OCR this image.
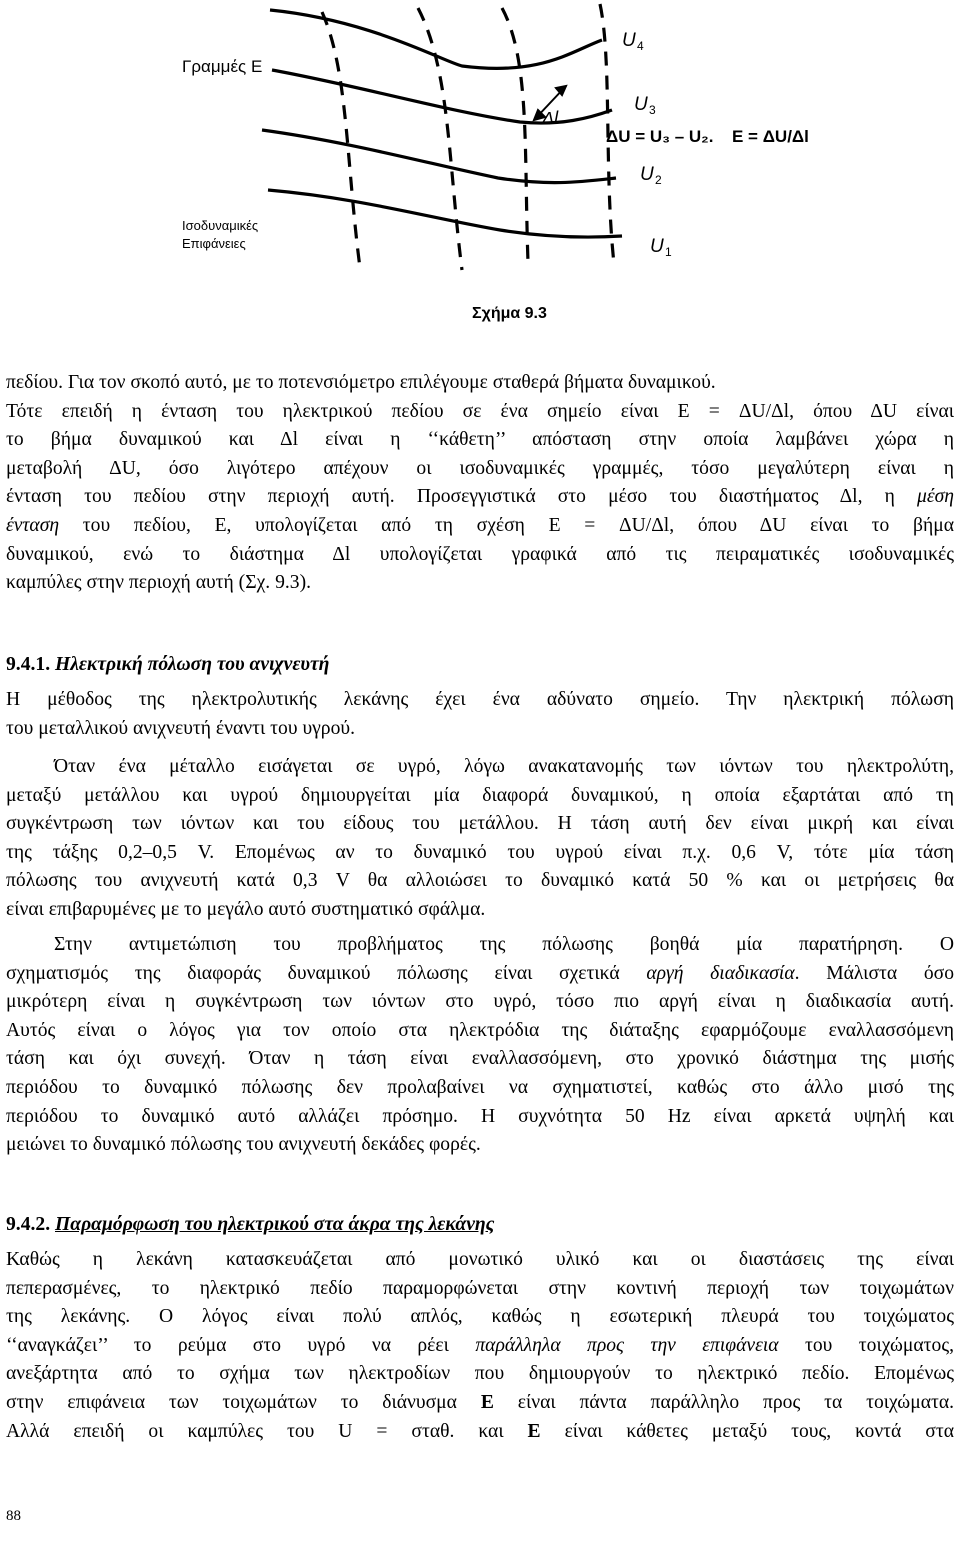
Γραμμές E
Ισοδυναμικές
Επιφάνειες
U 4
U 3
Δl
ΔU = U₃ – U₂. E = ΔU/Δl
U 2
U 1
Σχήμα 9.3
πεδίου. Για τον σκοπό αυτό, με το ποτενσιόμετρο επιλέγουμε σταθερά βήματα δυναμικού.
Τότε επειδή η ένταση του ηλεκτρικού πεδίου σε ένα σημείο είναι E = ΔU/Δl, όπου ΔU είναι
το βήμα δυναμικού και Δl είναι η ‘‘κάθετη’’ απόσταση στην οποία λαμβάνει χώρα η
μεταβολή ΔU, όσο λιγότερο απέχουν οι ισοδυναμικές γραμμές, τόσο μεγαλύτερη είναι η
ένταση του πεδίου στην περιοχή αυτή. Προσεγγιστικά στο μέσο του διαστήματος Δl, η μέση
ένταση του πεδίου, E, υπολογίζεται από τη σχέση E = ΔU/Δl, όπου ΔU είναι το βήμα
δυναμικού, ενώ το διάστημα Δl υπολογίζεται γραφικά από τις πειραματικές ισοδυναμικές
καμπύλες στην περιοχή αυτή (Σχ. 9.3).
9.4.1. Ηλεκτρική πόλωση του ανιχνευτή
Η μέθοδος της ηλεκτρολυτικής λεκάνης έχει ένα αδύνατο σημείο. Την ηλεκτρική πόλωση
του μεταλλικού ανιχνευτή έναντι του υγρού.
Όταν ένα μέταλλο εισάγεται σε υγρό, λόγω ανακατανομής των ιόντων του ηλεκτρολύτη,
μεταξύ μετάλλου και υγρού δημιουργείται μία διαφορά δυναμικού, η οποία εξαρτάται από τη
συγκέντρωση των ιόντων και του είδους του μετάλλου. Η τάση αυτή δεν είναι μικρή και είναι
της τάξης 0,2–0,5 V. Επομένως αν το δυναμικό του υγρού είναι π.χ. 0,6 V, τότε μία τάση
πόλωσης του ανιχνευτή κατά 0,3 V θα αλλοιώσει το δυναμικό κατά 50 % και οι μετρήσεις θα
είναι επιβαρυμένες με το μεγάλο αυτό συστηματικό σφάλμα.
Στην αντιμετώπιση του προβλήματος της πόλωσης βοηθά μία παρατήρηση. Ο
σχηματισμός της διαφοράς δυναμικού πόλωσης είναι σχετικά αργή διαδικασία. Μάλιστα όσο
μικρότερη είναι η συγκέντρωση των ιόντων στο υγρό, τόσο πιο αργή είναι η διαδικασία αυτή.
Αυτός είναι ο λόγος για τον οποίο στα ηλεκτρόδια της διάταξης εφαρμόζουμε εναλλασσόμενη
τάση και όχι συνεχή. Όταν η τάση είναι εναλλασσόμενη, στο χρονικό διάστημα της μισής
περιόδου το δυναμικό πόλωσης δεν προλαβαίνει να σχηματιστεί, καθώς στο άλλο μισό της
περιόδου το δυναμικό αυτό αλλάζει πρόσημο. Η συχνότητα 50 Hz είναι αρκετά υψηλή και
μειώνει το δυναμικό πόλωσης του ανιχνευτή δεκάδες φορές.
9.4.2. Παραμόρφωση του ηλεκτρικού στα άκρα της λεκάνης
Καθώς η λεκάνη κατασκευάζεται από μονωτικό υλικό και οι διαστάσεις της είναι
πεπερασμένες, το ηλεκτρικό πεδίο παραμορφώνεται στην κοντινή περιοχή των τοιχωμάτων
της λεκάνης. Ο λόγος είναι πολύ απλός, καθώς η εσωτερική πλευρά του τοιχώματος
‘‘αναγκάζει’’ το ρεύμα στο υγρό να ρέει παράλληλα προς την επιφάνεια του τοιχώματος,
ανεξάρτητα από το σχήμα των ηλεκτροδίων που δημιουργούν το ηλεκτρικό πεδίο. Επομένως
στην επιφάνεια των τοιχωμάτων το διάνυσμα E είναι πάντα παράλληλο προς τα τοιχώματα.
Αλλά επειδή οι καμπύλες του U = σταθ. και E είναι κάθετες μεταξύ τους, κοντά στα
88
